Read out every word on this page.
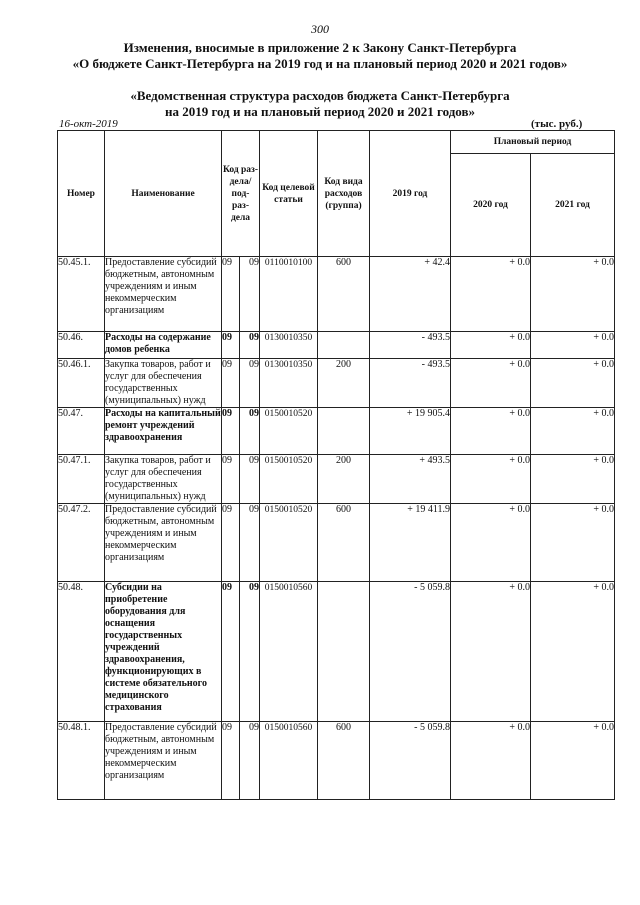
300
Изменения, вносимые в приложение 2 к Закону Санкт-Петербурга
«О бюджете Санкт-Петербурга на 2019 год и на плановый период 2020 и 2021 годов»
«Ведомственная структура расходов бюджета Санкт-Петербурга
на 2019 год и на плановый период 2020 и 2021 годов»
16-окт-2019	(тыс. руб.)
Номер	Наименование	Код раз- дела/ под- раз- дела		Код целевой статьи	Код вида расходов (группа)	2019 год	Плановый период	
							2020 год	2021 год
50.45.1.	Предоставление субсидий бюджетным, автономным учреждениям и иным некоммерческим организациям	09	09	0110010100	600	+ 42.4	+ 0.0	+ 0.0
50.46.	Расходы на содержание домов ребенка	09	09	0130010350		- 493.5	+ 0.0	+ 0.0
50.46.1.	Закупка товаров, работ и услуг для обеспечения государственных (муниципальных) нужд	09	09	0130010350	200	- 493.5	+ 0.0	+ 0.0
50.47.	Расходы на капитальный ремонт учреждений здравоохранения	09	09	0150010520		+ 19 905.4	+ 0.0	+ 0.0
50.47.1.	Закупка товаров, работ и услуг для обеспечения государственных (муниципальных) нужд	09	09	0150010520	200	+ 493.5	+ 0.0	+ 0.0
50.47.2.	Предоставление субсидий бюджетным, автономным учреждениям и иным некоммерческим организациям	09	09	0150010520	600	+ 19 411.9	+ 0.0	+ 0.0
50.48.	Субсидии на приобретение оборудования для оснащения государственных учреждений здравоохранения, функционирующих в системе обязательного медицинского страхования	09	09	0150010560		- 5 059.8	+ 0.0	+ 0.0
50.48.1.	Предоставление субсидий бюджетным, автономным учреждениям и иным некоммерческим организациям	09	09	0150010560	600	- 5 059.8	+ 0.0	+ 0.0
